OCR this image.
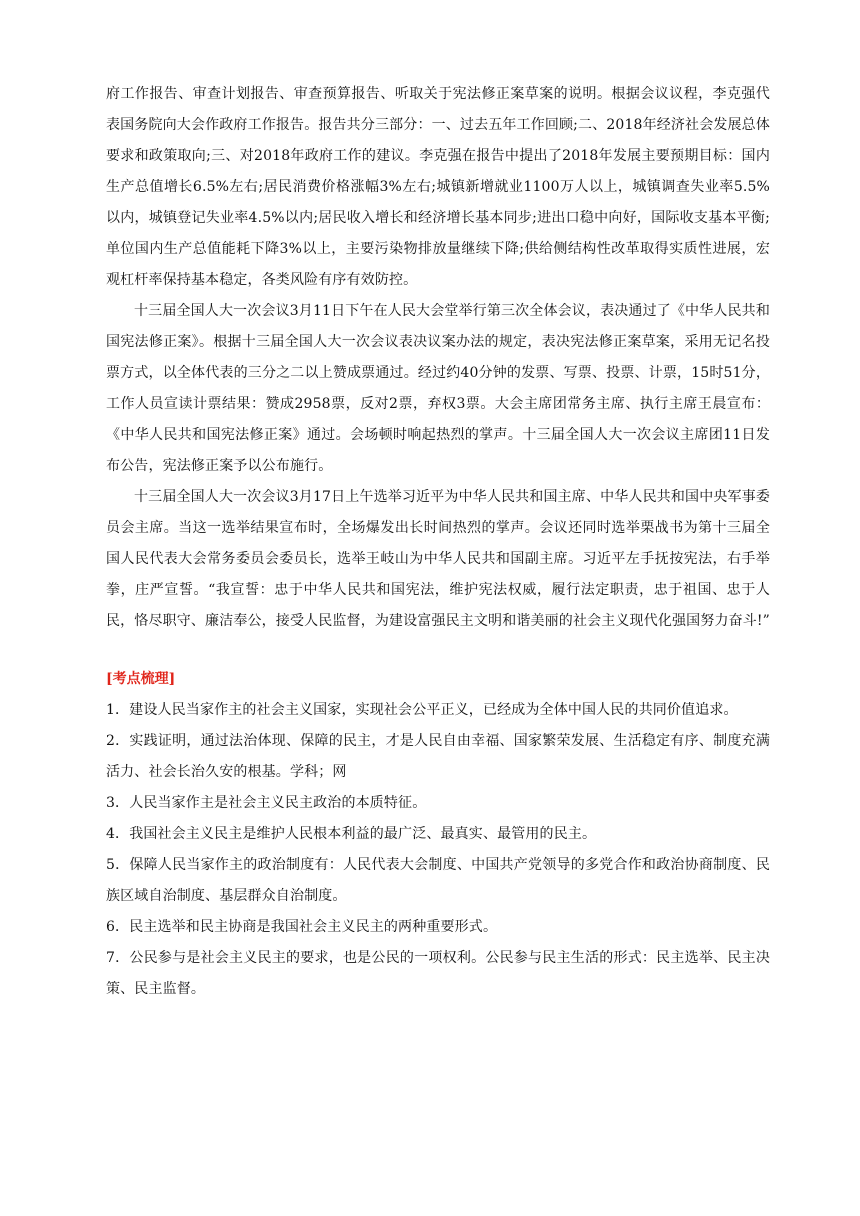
府工作报告、审查计划报告、审查预算报告、听取关于宪法修正案草案的说明。根据会议议程，李克强代表国务院向大会作政府工作报告。报告共分三部分：一、过去五年工作回顾;二、2018年经济社会发展总体要求和政策取向;三、对2018年政府工作的建议。李克强在报告中提出了2018年发展主要预期目标：国内生产总值增长6.5%左右;居民消费价格涨幅3%左右;城镇新增就业1100万人以上，城镇调查失业率5.5%以内，城镇登记失业率4.5%以内;居民收入增长和经济增长基本同步;进出口稳中向好，国际收支基本平衡;单位国内生产总值能耗下降3%以上，主要污染物排放量继续下降;供给侧结构性改革取得实质性进展，宏观杠杆率保持基本稳定，各类风险有序有效防控。

十三届全国人大一次会议3月11日下午在人民大会堂举行第三次全体会议，表决通过了《中华人民共和国宪法修正案》。根据十三届全国人大一次会议表决议案办法的规定，表决宪法修正案草案，采用无记名投票方式，以全体代表的三分之二以上赞成票通过。经过约40分钟的发票、写票、投票、计票，15时51分，工作人员宣读计票结果：赞成2958票，反对2票，弃权3票。大会主席团常务主席、执行主席王晨宣布：《中华人民共和国宪法修正案》通过。会场顿时响起热烈的掌声。十三届全国人大一次会议主席团11日发布公告，宪法修正案予以公布施行。

十三届全国人大一次会议3月17日上午选举习近平为中华人民共和国主席、中华人民共和国中央军事委员会主席。当这一选举结果宣布时，全场爆发出长时间热烈的掌声。会议还同时选举栗战书为第十三届全国人民代表大会常务委员会委员长，选举王岐山为中华人民共和国副主席。习近平左手抚按宪法，右手举拳，庄严宣誓。“我宣誓：忠于中华人民共和国宪法，维护宪法权威，履行法定职责，忠于祖国、忠于人民，恪尽职守、廉洁奉公，接受人民监督，为建设富强民主文明和谐美丽的社会主义现代化强国努力奋斗!”

[考点梳理]

1．建设人民当家作主的社会主义国家，实现社会公平正义，已经成为全体中国人民的共同价值追求。

2．实践证明，通过法治体现、保障的民主，才是人民自由幸福、国家繁荣发展、生活稳定有序、制度充满活力、社会长治久安的根基。学科；网

3．人民当家作主是社会主义民主政治的本质特征。

4．我国社会主义民主是维护人民根本利益的最广泛、最真实、最管用的民主。

5．保障人民当家作主的政治制度有：人民代表大会制度、中国共产党领导的多党合作和政治协商制度、民族区域自治制度、基层群众自治制度。

6．民主选举和民主协商是我国社会主义民主的两种重要形式。

7．公民参与是社会主义民主的要求，也是公民的一项权利。公民参与民主生活的形式：民主选举、民主决策、民主监督。
